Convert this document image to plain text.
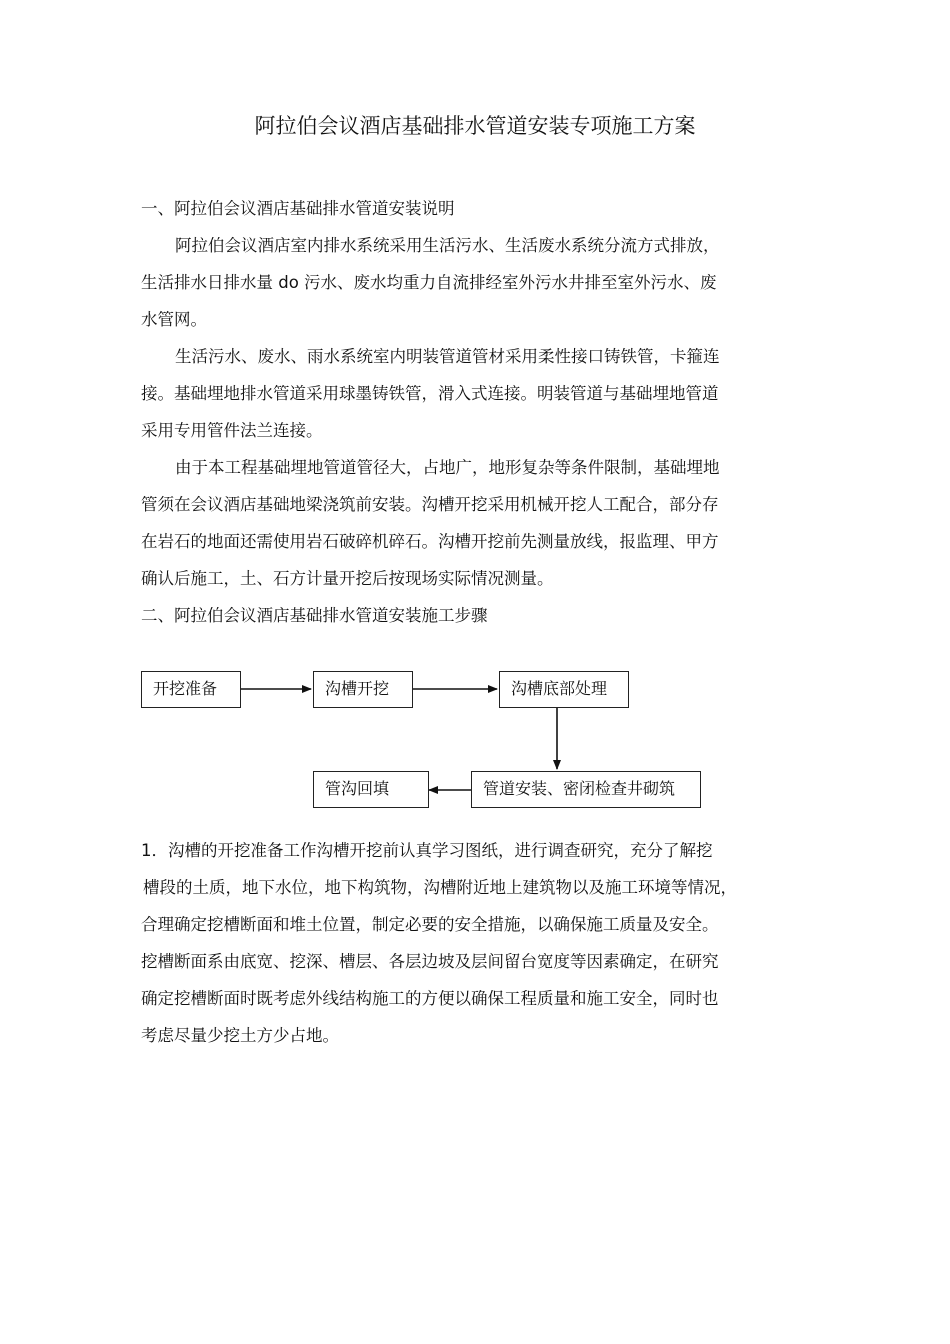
阿拉伯会议酒店基础排水管道安装专项施工方案
一、阿拉伯会议酒店基础排水管道安装说明
阿拉伯会议酒店室内排水系统采用生活污水、生活废水系统分流方式排放，
生活排水日排水量 do 污水、废水均重力自流排经室外污水井排至室外污水、废
水管网。
生活污水、废水、雨水系统室内明装管道管材采用柔性接口铸铁管，卡箍连
接。基础埋地排水管道采用球墨铸铁管，滑入式连接。明装管道与基础埋地管道
采用专用管件法兰连接。
由于本工程基础埋地管道管径大，占地广，地形复杂等条件限制，基础埋地
管须在会议酒店基础地梁浇筑前安装。沟槽开挖采用机械开挖人工配合，部分存
在岩石的地面还需使用岩石破碎机碎石。沟槽开挖前先测量放线，报监理、甲方
确认后施工，土、石方计量开挖后按现场实际情况测量。
二、阿拉伯会议酒店基础排水管道安装施工步骤
开挖准备	沟槽开挖	沟槽底部处理
管道安装、密闭检查井砌筑
管沟回填
1．沟槽的开挖准备工作沟槽开挖前认真学习图纸，进行调查研究，充分了解挖
槽段的土质，地下水位，地下构筑物，沟槽附近地上建筑物以及施工环境等情况，
合理确定挖槽断面和堆土位置，制定必要的安全措施，以确保施工质量及安全。
挖槽断面系由底宽、挖深、槽层、各层边坡及层间留台宽度等因素确定，在研究
确定挖槽断面时既考虑外线结构施工的方便以确保工程质量和施工安全，同时也
考虑尽量少挖土方少占地。
